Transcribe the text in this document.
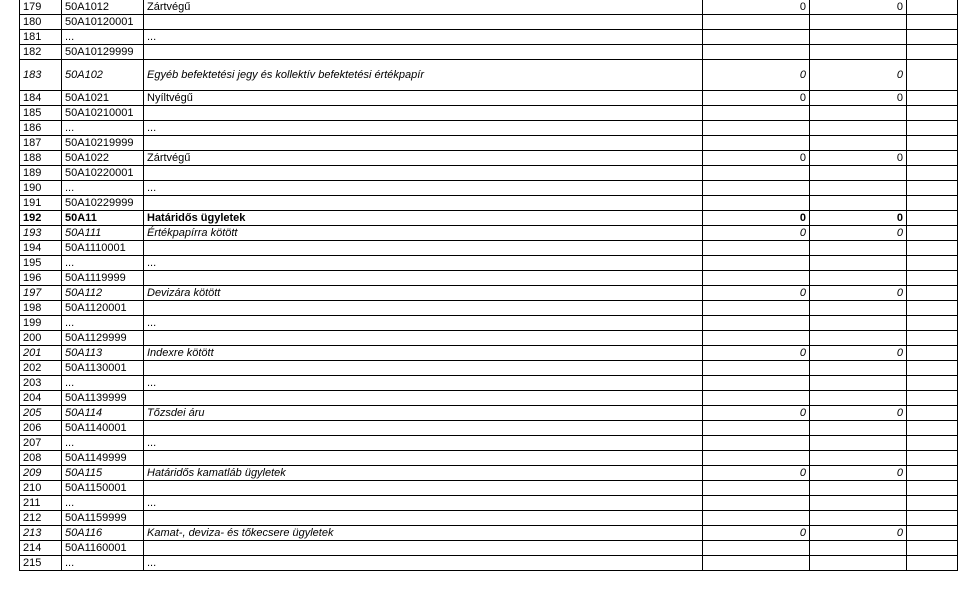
179	50A1012	Zártvégű	0	0	
180	50A10120001				
181	...	...			
182	50A10129999				
183	50A102	Egyéb befektetési jegy és kollektív befektetési értékpapír	0	0	
184	50A1021	Nyíltvégű	0	0	
185	50A10210001				
186	...	...			
187	50A10219999				
188	50A1022	Zártvégű	0	0	
189	50A10220001				
190	...	...			
191	50A10229999				
192	50A11	Határidős ügyletek	0	0	
193	50A111	Értékpapírra kötött	0	0	
194	50A1110001				
195	...	...			
196	50A1119999				
197	50A112	Devizára kötött	0	0	
198	50A1120001				
199	...	...			
200	50A1129999				
201	50A113	Indexre kötött	0	0	
202	50A1130001				
203	...	...			
204	50A1139999				
205	50A114	Tőzsdei áru	0	0	
206	50A1140001				
207	...	...			
208	50A1149999				
209	50A115	Határidős kamatláb ügyletek	0	0	
210	50A1150001				
211	...	...			
212	50A1159999				
213	50A116	Kamat-, deviza- és tőkecsere ügyletek	0	0	
214	50A1160001				
215	...	...			
